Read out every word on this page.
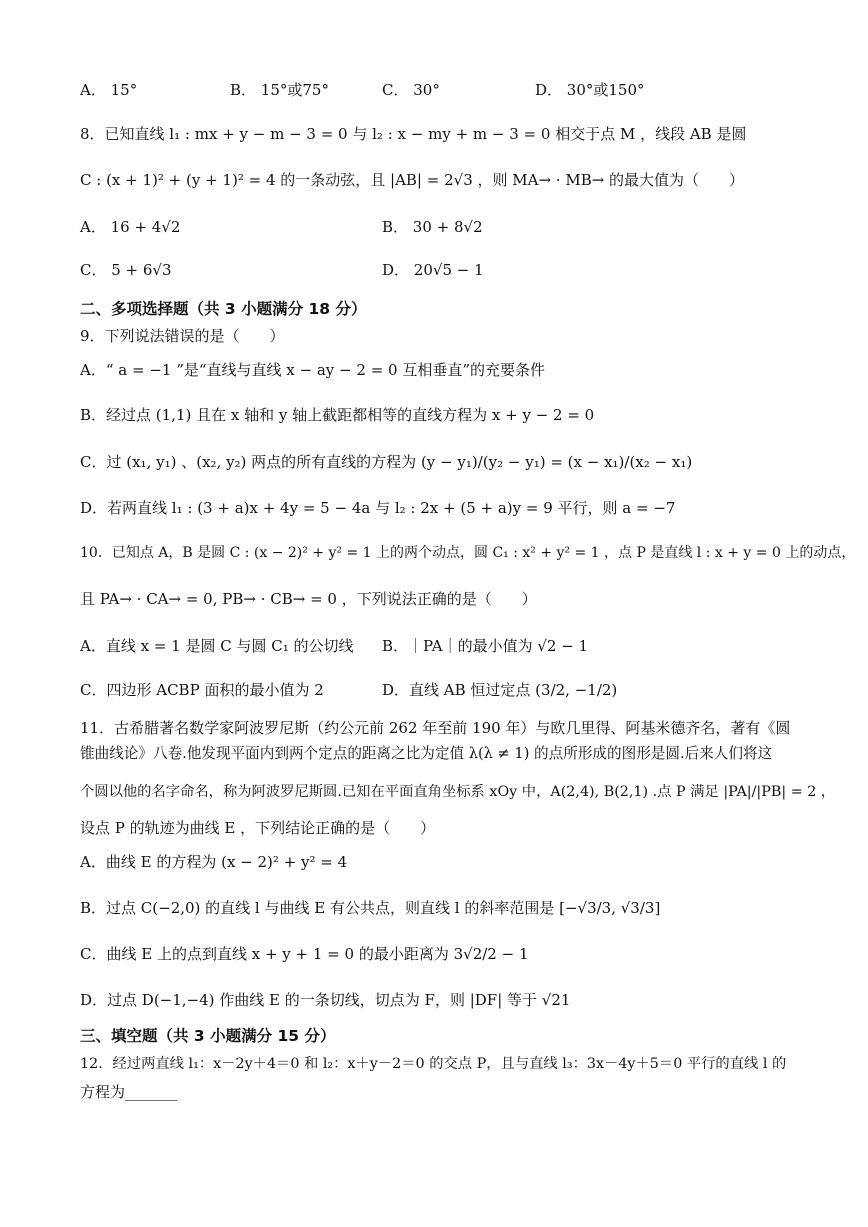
A． 15°	B． 15°或75°	C． 30°	D． 30°或150°
8．已知直线 l₁ : mx + y − m − 3 = 0 与 l₂ : x − my + m − 3 = 0 相交于点 M ，线段 AB 是圆
C : (x + 1)² + (y + 1)² = 4 的一条动弦，且 |AB| = 2√3 ，则 MA→ · MB→ 的最大值为（　　）
A． 16 + 4√2	B． 30 + 8√2
C． 5 + 6√3	D． 20√5 − 1
二、多项选择题（共 3 小题满分 18 分）
9．下列说法错误的是（　　）
A．“ a = −1 ”是“直线与直线 x − ay − 2 = 0 互相垂直”的充要条件
B．经过点 (1,1) 且在 x 轴和 y 轴上截距都相等的直线方程为 x + y − 2 = 0
C．过 (x₁, y₁) 、(x₂, y₂) 两点的所有直线的方程为 (y − y₁)/(y₂ − y₁) = (x − x₁)/(x₂ − x₁)
D．若两直线 l₁ : (3 + a)x + 4y = 5 − 4a 与 l₂ : 2x + (5 + a)y = 9 平行，则 a = −7
10．已知点 A，B 是圆 C : (x − 2)² + y² = 1 上的两个动点，圆 C₁ : x² + y² = 1 ，点 P 是直线 l : x + y = 0 上的动点，
且 PA→ · CA→ = 0, PB→ · CB→ = 0 ，下列说法正确的是（　　）
A．直线 x = 1 是圆 C 与圆 C₁ 的公切线 B．｜PA｜的最小值为 √2 − 1
C．四边形 ACBP 面积的最小值为 2	D．直线 AB 恒过定点 (3/2, −1/2)
11．古希腊著名数学家阿波罗尼斯（约公元前 262 年至前 190 年）与欧几里得、阿基米德齐名，著有《圆
锥曲线论》八卷.他发现平面内到两个定点的距离之比为定值 λ(λ ≠ 1) 的点所形成的图形是圆.后来人们将这
个圆以他的名字命名，称为阿波罗尼斯圆.已知在平面直角坐标系 xOy 中，A(2,4), B(2,1) .点 P 满足 |PA|/|PB| = 2 ，
设点 P 的轨迹为曲线 E ，下列结论正确的是（　　）
A．曲线 E 的方程为 (x − 2)² + y² = 4
B．过点 C(−2,0) 的直线 l 与曲线 E 有公共点，则直线 l 的斜率范围是 [−√3/3, √3/3]
C．曲线 E 上的点到直线 x + y + 1 = 0 的最小距离为 3√2/2 − 1
D．过点 D(−1,−4) 作曲线 E 的一条切线，切点为 F，则 |DF| 等于 √21
三、填空题（共 3 小题满分 15 分）
12．经过两直线 l₁：x－2y＋4＝0 和 l₂：x＋y－2＝0 的交点 P，且与直线 l₃：3x－4y＋5＝0 平行的直线 l 的
方程为_______
